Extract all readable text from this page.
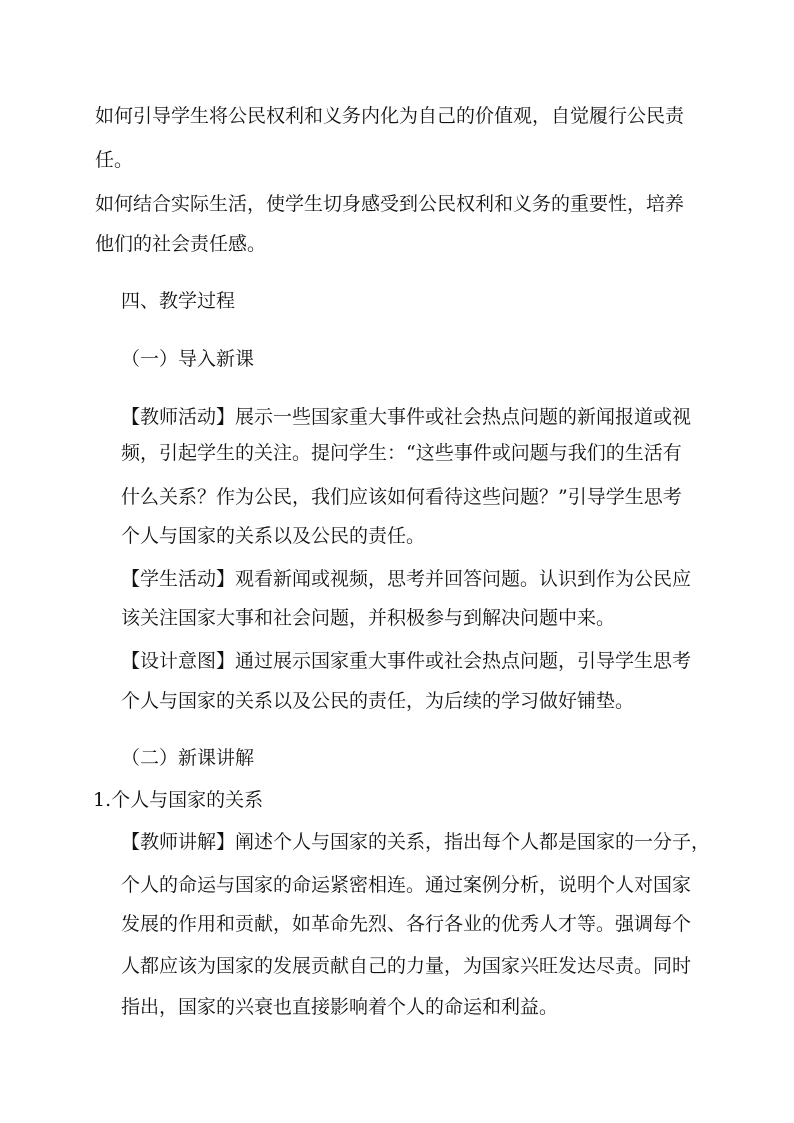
如何引导学生将公民权利和义务内化为自己的价值观，自觉履行公民责
任。
如何结合实际生活，使学生切身感受到公民权利和义务的重要性，培养
他们的社会责任感。
四、教学过程
（一）导入新课
【教师活动】展示一些国家重大事件或社会热点问题的新闻报道或视
频，引起学生的关注。提问学生：“这些事件或问题与我们的生活有
什么关系？作为公民，我们应该如何看待这些问题？”引导学生思考
个人与国家的关系以及公民的责任。
【学生活动】观看新闻或视频，思考并回答问题。认识到作为公民应
该关注国家大事和社会问题，并积极参与到解决问题中来。
【设计意图】通过展示国家重大事件或社会热点问题，引导学生思考
个人与国家的关系以及公民的责任，为后续的学习做好铺垫。
（二）新课讲解
1.个人与国家的关系
【教师讲解】阐述个人与国家的关系，指出每个人都是国家的一分子，
个人的命运与国家的命运紧密相连。通过案例分析，说明个人对国家
发展的作用和贡献，如革命先烈、各行各业的优秀人才等。强调每个
人都应该为国家的发展贡献自己的力量，为国家兴旺发达尽责。同时
指出，国家的兴衰也直接影响着个人的命运和利益。
